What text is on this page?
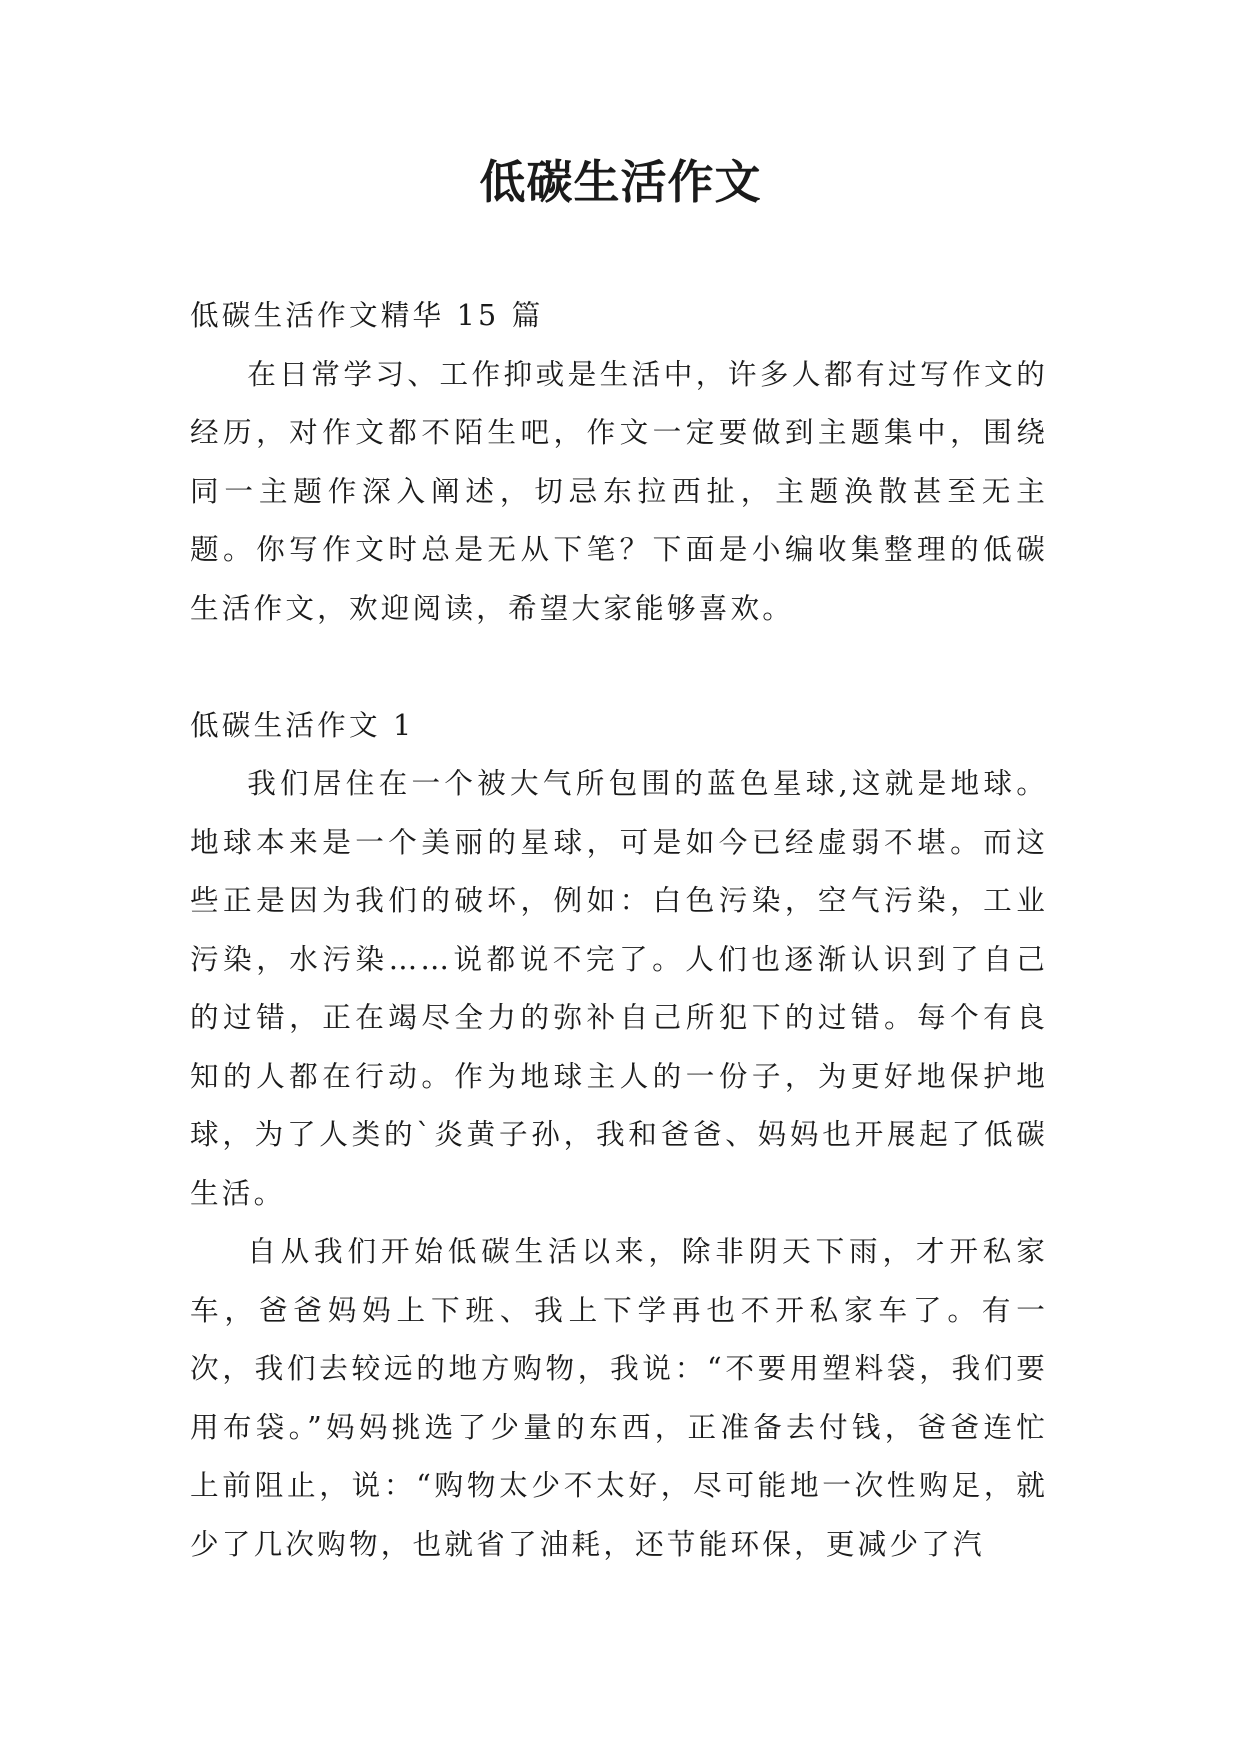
低碳生活作文

低碳生活作文精华 15 篇

在日常学习、工作抑或是生活中，许多人都有过写作文的经历，对作文都不陌生吧，作文一定要做到主题集中，围绕同一主题作深入阐述，切忌东拉西扯，主题涣散甚至无主题。你写作文时总是无从下笔？下面是小编收集整理的低碳生活作文，欢迎阅读，希望大家能够喜欢。

低碳生活作文 1

我们居住在一个被大气所包围的蓝色星球,这就是地球。地球本来是一个美丽的星球，可是如今已经虚弱不堪。而这些正是因为我们的破坏，例如：白色污染，空气污染，工业污染，水污染……说都说不完了。人们也逐渐认识到了自己的过错，正在竭尽全力的弥补自己所犯下的过错。每个有良知的人都在行动。作为地球主人的一份子，为更好地保护地球，为了人类的`炎黄子孙，我和爸爸、妈妈也开展起了低碳生活。

自从我们开始低碳生活以来，除非阴天下雨，才开私家车，爸爸妈妈上下班、我上下学再也不开私家车了。有一次，我们去较远的地方购物，我说：“不要用塑料袋，我们要用布袋。”妈妈挑选了少量的东西，正准备去付钱，爸爸连忙上前阻止，说：“购物太少不太好，尽可能地一次性购足，就少了几次购物，也就省了油耗，还节能环保，更减少了汽
